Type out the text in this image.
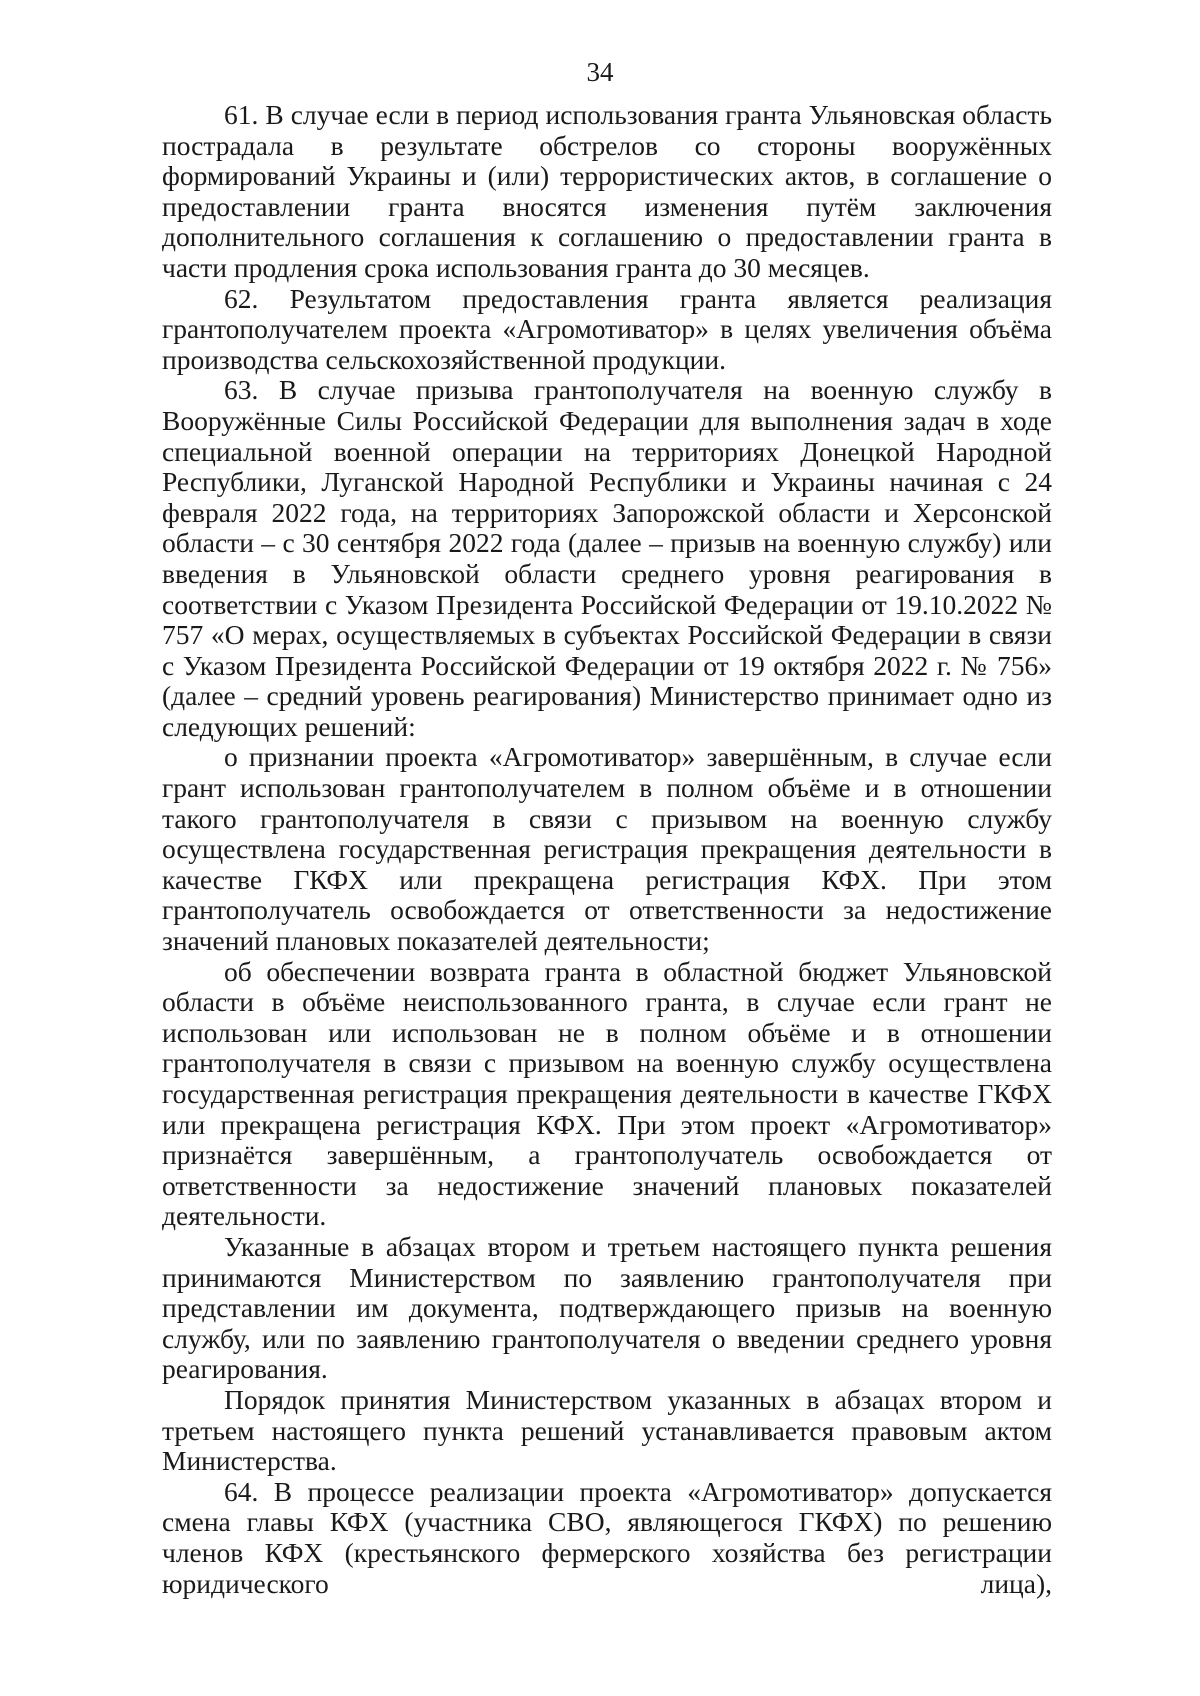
34

61. В случае если в период использования гранта Ульяновская область пострадала в результате обстрелов со стороны вооружённых формирований Украины и (или) террористических актов, в соглашение о предоставлении гранта вносятся изменения путём заключения дополнительного соглашения к соглашению о предоставлении гранта в части продления срока использования гранта до 30 месяцев.

62. Результатом предоставления гранта является реализация грантополучателем проекта «Агромотиватор» в целях увеличения объёма производства сельскохозяйственной продукции.

63. В случае призыва грантополучателя на военную службу в Вооружённые Силы Российской Федерации для выполнения задач в ходе специальной военной операции на территориях Донецкой Народной Республики, Луганской Народной Республики и Украины начиная с 24 февраля 2022 года, на территориях Запорожской области и Херсонской области – с 30 сентября 2022 года (далее – призыв на военную службу) или введения в Ульяновской области среднего уровня реагирования в соответствии с Указом Президента Российской Федерации от 19.10.2022 № 757 «О мерах, осуществляемых в субъектах Российской Федерации в связи с Указом Президента Российской Федерации от 19 октября 2022 г. № 756» (далее – средний уровень реагирования) Министерство принимает одно из следующих решений:

о признании проекта «Агромотиватор» завершённым, в случае если грант использован грантополучателем в полном объёме и в отношении такого грантополучателя в связи с призывом на военную службу осуществлена государственная регистрация прекращения деятельности в качестве ГКФХ или прекращена регистрация КФХ. При этом грантополучатель освобождается от ответственности за недостижение значений плановых показателей деятельности;

об обеспечении возврата гранта в областной бюджет Ульяновской области в объёме неиспользованного гранта, в случае если грант не использован или использован не в полном объёме и в отношении грантополучателя в связи с призывом на военную службу осуществлена государственная регистрация прекращения деятельности в качестве ГКФХ или прекращена регистрация КФХ. При этом проект «Агромотиватор» признаётся завершённым, а грантополучатель освобождается от ответственности за недостижение значений плановых показателей деятельности.

Указанные в абзацах втором и третьем настоящего пункта решения принимаются Министерством по заявлению грантополучателя при представлении им документа, подтверждающего призыв на военную службу, или по заявлению грантополучателя о введении среднего уровня реагирования.

Порядок принятия Министерством указанных в абзацах втором и третьем настоящего пункта решений устанавливается правовым актом Министерства.

64. В процессе реализации проекта «Агромотиватор» допускается смена главы КФХ (участника СВО, являющегося ГКФХ) по решению членов КФХ (крестьянского фермерского хозяйства без регистрации юридического лица),
